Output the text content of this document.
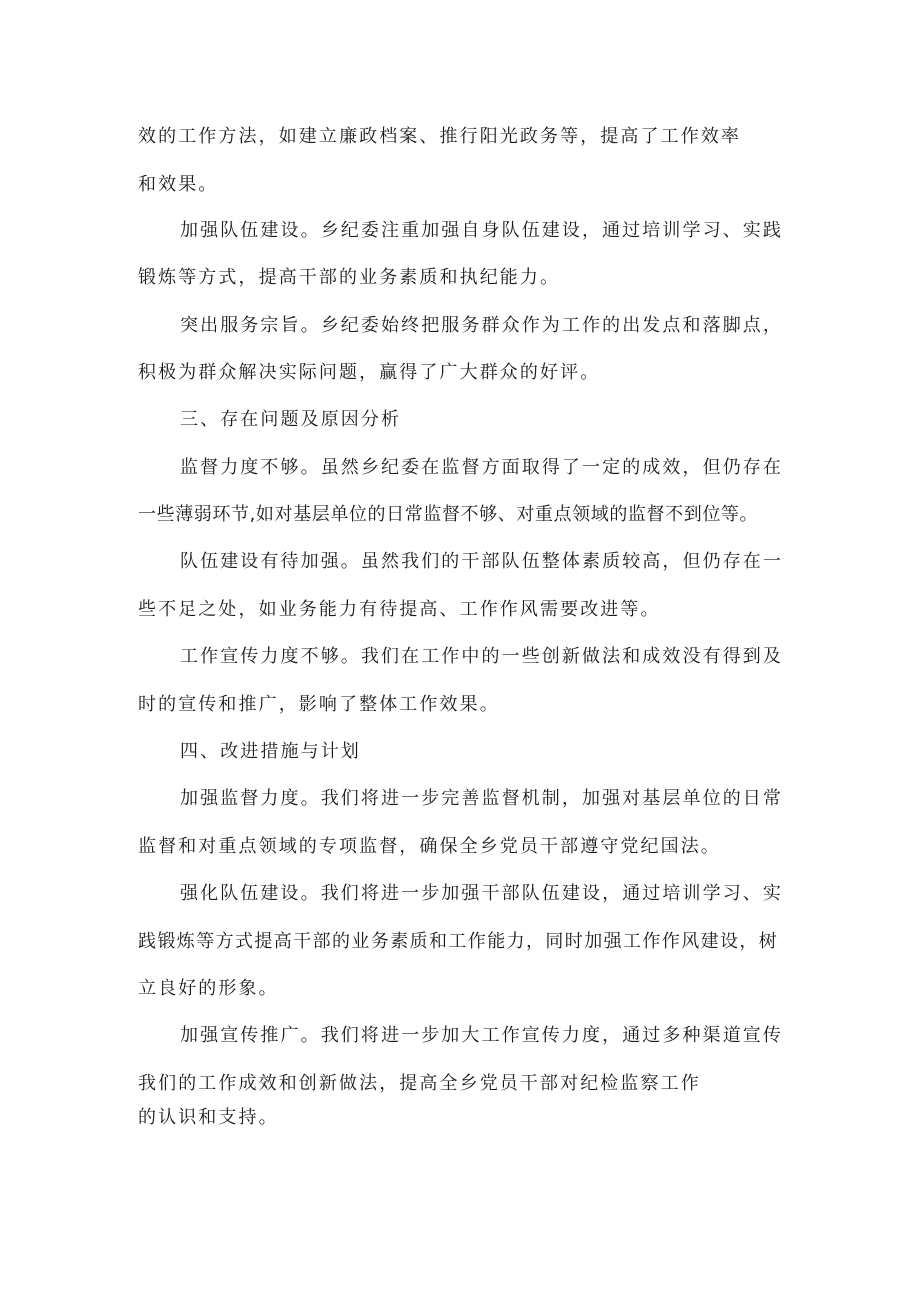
效的工作方法，如建立廉政档案、推行阳光政务等，提高了工作效率

和效果。

加强队伍建设。乡纪委注重加强自身队伍建设，通过培训学习、实践

锻炼等方式，提高干部的业务素质和执纪能力。

突出服务宗旨。乡纪委始终把服务群众作为工作的出发点和落脚点，

积极为群众解决实际问题，赢得了广大群众的好评。

三、存在问题及原因分析

监督力度不够。虽然乡纪委在监督方面取得了一定的成效，但仍存在

一些薄弱环节,如对基层单位的日常监督不够、对重点领域的监督不到位等。

队伍建设有待加强。虽然我们的干部队伍整体素质较高，但仍存在一

些不足之处，如业务能力有待提高、工作作风需要改进等。

工作宣传力度不够。我们在工作中的一些创新做法和成效没有得到及

时的宣传和推广，影响了整体工作效果。

四、改进措施与计划

加强监督力度。我们将进一步完善监督机制，加强对基层单位的日常

监督和对重点领域的专项监督，确保全乡党员干部遵守党纪国法。

强化队伍建设。我们将进一步加强干部队伍建设，通过培训学习、实

践锻炼等方式提高干部的业务素质和工作能力，同时加强工作作风建设，树

立良好的形象。

加强宣传推广。我们将进一步加大工作宣传力度，通过多种渠道宣传

我们的工作成效和创新做法，提高全乡党员干部对纪检监察工作

的认识和支持。
